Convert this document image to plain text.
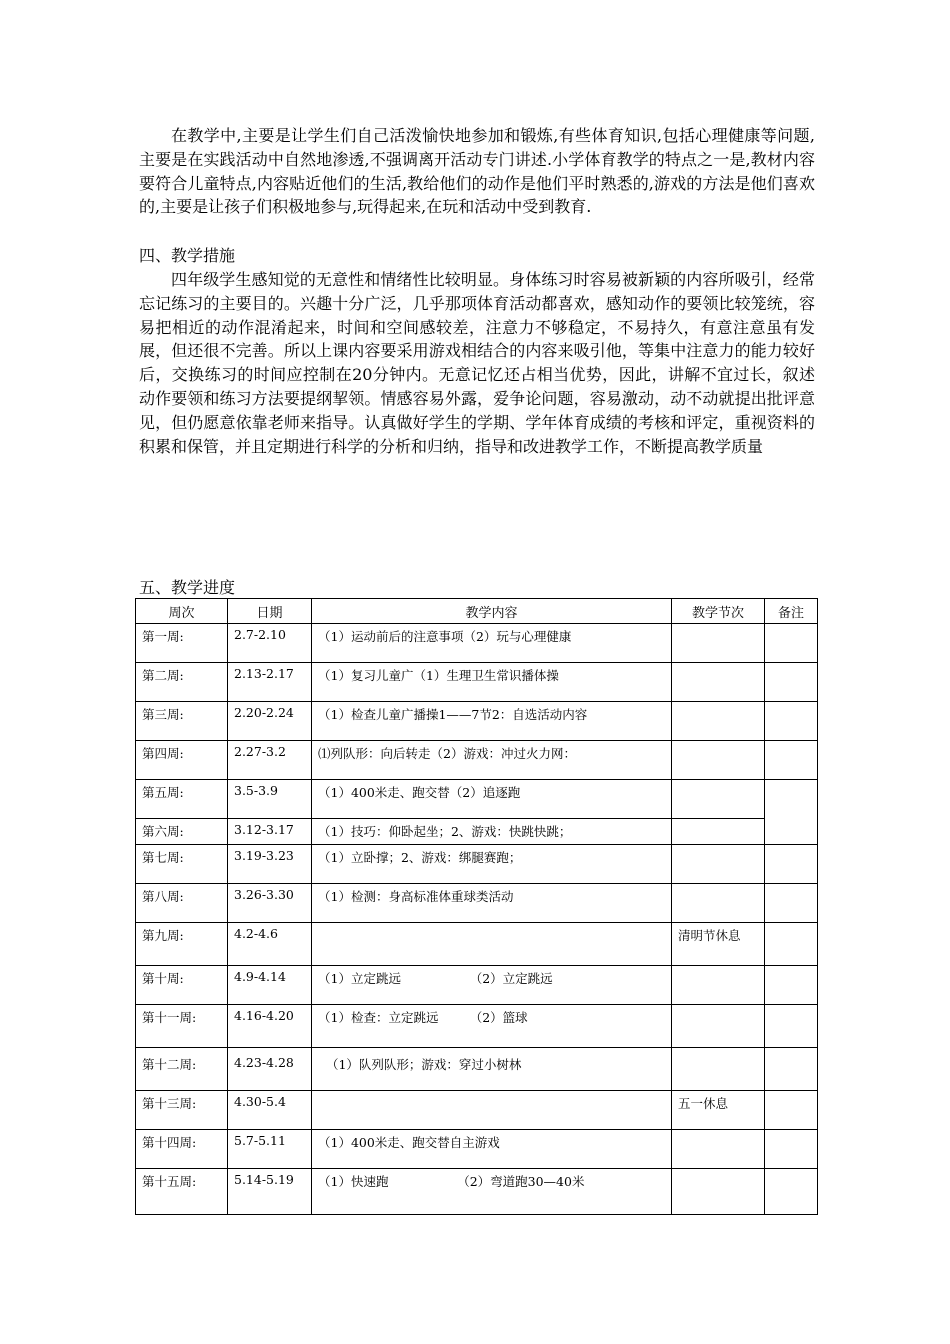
在教学中,主要是让学生们自己活泼愉快地参加和锻炼,有些体育知识,包括心理健康等问题,主要是在实践活动中自然地渗透,不强调离开活动专门讲述.小学体育教学的特点之一是,教材内容要符合儿童特点,内容贴近他们的生活,教给他们的动作是他们平时熟悉的,游戏的方法是他们喜欢的,主要是让孩子们积极地参与,玩得起来,在玩和活动中受到教育.

四、教学措施

四年级学生感知觉的无意性和情绪性比较明显。身体练习时容易被新颖的内容所吸引，经常忘记练习的主要目的。兴趣十分广泛，几乎那项体育活动都喜欢，感知动作的要领比较笼统，容易把相近的动作混淆起来，时间和空间感较差，注意力不够稳定，不易持久，有意注意虽有发展，但还很不完善。所以上课内容要采用游戏相结合的内容来吸引他，等集中注意力的能力较好后，交换练习的时间应控制在20分钟内。无意记忆还占相当优势，因此，讲解不宜过长，叙述动作要领和练习方法要提纲挈领。情感容易外露，爱争论问题，容易激动，动不动就提出批评意见，但仍愿意依靠老师来指导。认真做好学生的学期、学年体育成绩的考核和评定，重视资料的积累和保管，并且定期进行科学的分析和归纳，指导和改进教学工作，不断提高教学质量

五、教学进度

周次	日期	教学内容	教学节次	备注
第一周:	2.7-2.10	（1）运动前后的注意事项（2）玩与心理健康		
第二周:	2.13-2.17	（1）复习儿童广（1）生理卫生常识播体操		
第三周:	2.20-2.24	（1）检查儿童广播操1——7节2：自选活动内容		
第四周:	2.27-3.2	⑴列队形：向后转走（2）游戏：冲过火力网：		
第五周:	3.5-3.9	（1）400米走、跑交替（2）追逐跑		
第六周:	3.12-3.17	（1）技巧：仰卧起坐；2、游戏：快跳快跳；		
第七周:	3.19-3.23	（1）立卧撑；2、游戏：绑腿赛跑；		
第八周:	3.26-3.30	（1）检测：身高标准体重球类活动		
第九周:	4.2-4.6		清明节休息	
第十周:	4.9-4.14	（1）立定跳远　　　　　　（2）立定跳远		
第十一周:	4.16-4.20	（1）检查：立定跳远　　　（2）篮球		
第十二周:	4.23-4.28	（1）队列队形；游戏：穿过小树林		
第十三周:	4.30-5.4		五一休息	
第十四周:	5.7-5.11	（1）400米走、跑交替自主游戏		
第十五周:	5.14-5.19	（1）快速跑　　　　　　（2）弯道跑30—40米		
